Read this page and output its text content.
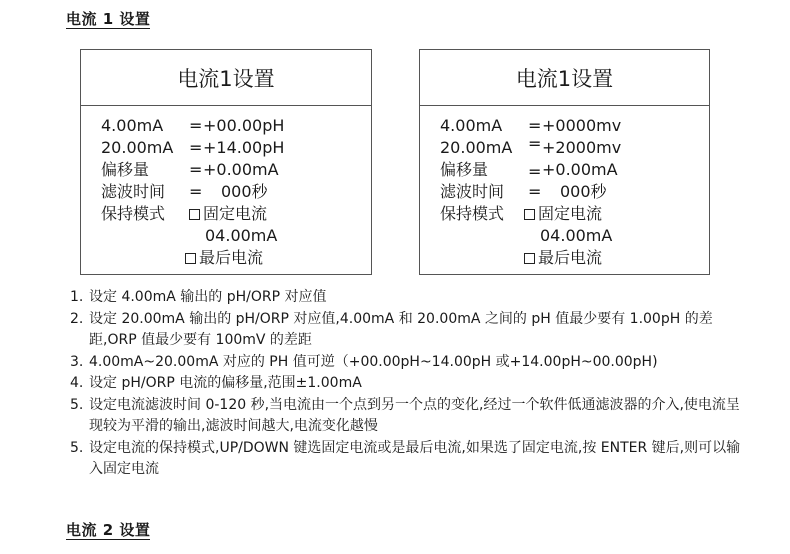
电流 1 设置
电流1设置
4.00mA = +00.00pH
20.00mA = +14.00pH
偏移量 = +0.00mA
滤波时间 = 000秒
保持模式	固定电流
04.00mA
最后电流
电流1设置
4.00mA = +0000mv
20.00mA = +2000mv
偏移量 = +0.00mA
滤波时间 = 000秒
保持模式	固定电流
04.00mA
最后电流
1. 设定 4.00mA 输出的 pH/ORP 对应值
2. 设定 20.00mA 输出的 pH/ORP 对应值,4.00mA 和 20.00mA 之间的 pH 值最少要有 1.00pH 的差距,ORP 值最少要有 100mV 的差距
3. 4.00mA~20.00mA 对应的 PH 值可逆（+00.00pH~14.00pH 或+14.00pH~00.00pH)
4. 设定 pH/ORP 电流的偏移量,范围±1.00mA
5. 设定电流滤波时间 0-120 秒,当电流由一个点到另一个点的变化,经过一个软件低通滤波器的介入,使电流呈现较为平滑的输出,滤波时间越大,电流变化越慢
5. 设定电流的保持模式,UP/DOWN 键选固定电流或是最后电流,如果选了固定电流,按 ENTER 键后,则可以输入固定电流
电流 2 设置
